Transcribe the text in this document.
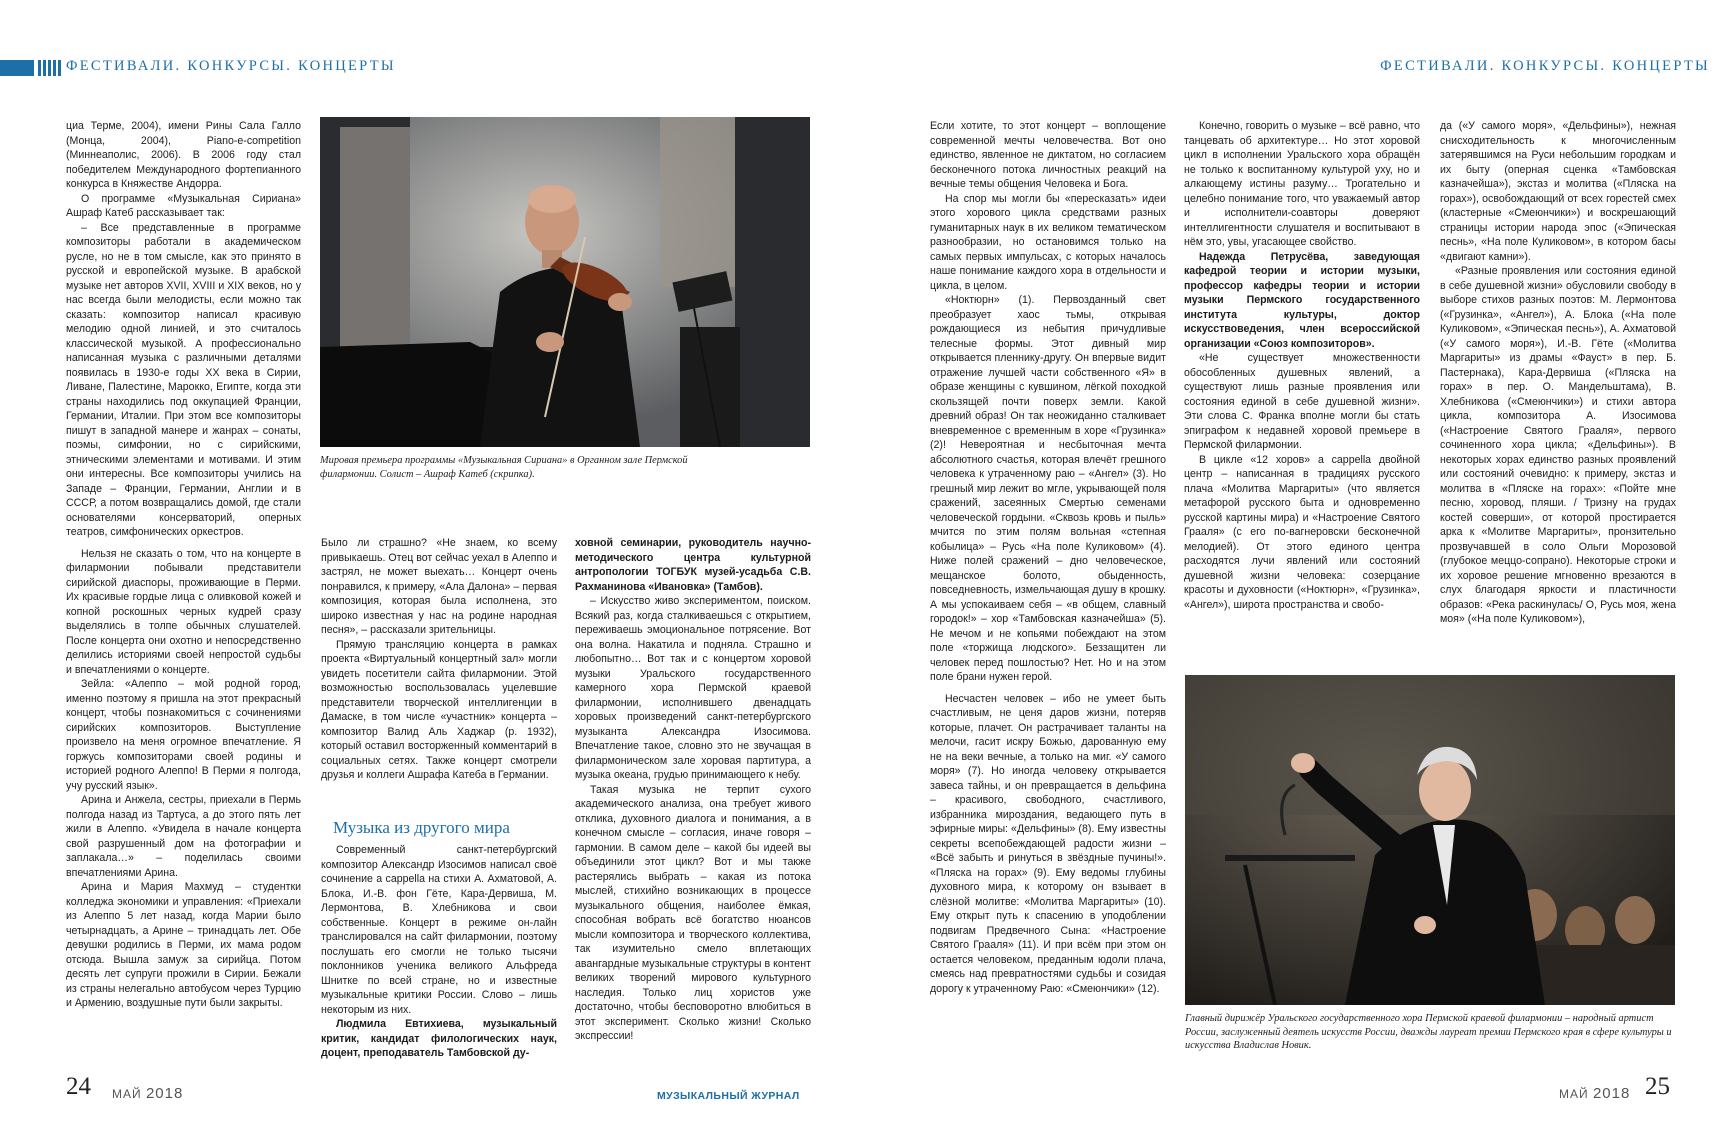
ФЕСТИВАЛИ. КОНКУРСЫ. КОНЦЕРТЫ	ФЕСТИВАЛИ. КОНКУРСЫ. КОНЦЕРТЫ
Мировая премьера программы «Музыкальная Сириана» в Органном зале Пермской филармонии. Солист – Ашраф Катеб (скрипка).

циа Терме, 2004), имени Рины Сала Галло (Монца, 2004), Piano-e-competition (Миннеаполис, 2006). В 2006 году стал победителем Международного фортепианного конкурса в Княжестве Андорра.

О программе «Музыкальная Сириана» Ашраф Катеб рассказывает так:

– Все представленные в программе композиторы работали в академическом русле, но не в том смысле, как это принято в русской и европейской музыке. В арабской музыке нет авторов XVII, XVIII и XIX веков, но у нас всегда были мелодисты, если можно так сказать: композитор написал красивую мелодию одной линией, и это считалось классической музыкой. А профессионально написанная музыка с различными деталями появилась в 1930-е годы XX века в Сирии, Ливане, Палестине, Марокко, Египте, когда эти страны находились под оккупацией Франции, Германии, Италии. При этом все композиторы пишут в западной манере и жанрах – сонаты, поэмы, симфонии, но с сирийскими, этническими элементами и мотивами. И этим они интересны. Все композиторы учились на Западе – Франции, Германии, Англии и в СССР, а потом возвращались домой, где стали основателями консерваторий, оперных театров, симфонических оркестров.

Нельзя не сказать о том, что на концерте в филармонии побывали представители сирийской диаспоры, проживающие в Перми. Их красивые гордые лица с оливковой кожей и копной роскошных черных кудрей сразу выделялись в толпе обычных слушателей. После концерта они охотно и непосредственно делились историями своей непростой судьбы и впечатлениями о концерте.

Зейла: «Алеппо – мой родной город, именно поэтому я пришла на этот прекрасный концерт, чтобы познакомиться с сочинениями сирийских композиторов. Выступление произвело на меня огромное впечатление. Я горжусь композиторами своей родины и историей родного Алеппо! В Перми я полгода, учу русский язык».

Арина и Анжела, сестры, приехали в Пермь полгода назад из Тартуса, а до этого пять лет жили в Алеппо. «Увидела в начале концерта свой разрушенный дом на фотографии и заплакала…» – поделилась своими впечатлениями Арина.

Арина и Мария Махмуд – студентки колледжа экономики и управления: «Приехали из Алеппо 5 лет назад, когда Марии было четырнадцать, а Арине – тринадцать лет. Обе девушки родились в Перми, их мама родом отсюда. Вышла замуж за сирийца. Потом десять лет супруги прожили в Сирии. Бежали из страны нелегально автобусом через Турцию и Армению, воздушные пути были закрыты.

Было ли страшно? «Не знаем, ко всему привыкаешь. Отец вот сейчас уехал в Алеппо и застрял, не может выехать… Концерт очень понравился, к примеру, «Ала Далона» – первая композиция, которая была исполнена, это широко известная у нас на родине народная песня», – рассказали зрительницы.

Прямую трансляцию концерта в рамках проекта «Виртуальный концертный зал» могли увидеть посетители сайта филармонии. Этой возможностью воспользовалась уцелевшие представители творческой интеллигенции в Дамаске, в том числе «участник» концерта – композитор Валид Аль Хаджар (р. 1932), который оставил восторженный комментарий в социальных сетях. Также концерт смотрели друзья и коллеги Ашрафа Катеба в Германии.

Музыка из другого мира

Современный санкт-петербургский композитор Александр Изосимов написал своё сочинение a cappella на стихи А. Ахматовой, А. Блока, И.-В. фон Гёте, Кара-Дервиша, М. Лермонтова, В. Хлебникова и свои собственные. Концерт в режиме он-лайн транслировался на сайт филармонии, поэтому послушать его смогли не только тысячи поклонников ученика великого Альфреда Шнитке по всей стране, но и известные музыкальные критики России. Слово – лишь некоторым из них.

Людмила Евтихиева, музыкальный критик, кандидат филологических наук, доцент, преподаватель Тамбовской ду-

ховной семинарии, руководитель научно-методического центра культурной антропологии ТОГБУК музей-усадьба С.В. Рахманинова «Ивановка» (Тамбов).

– Искусство живо экспериментом, поиском. Всякий раз, когда сталкиваешься с открытием, переживаешь эмоциональное потрясение. Вот она волна. Накатила и подняла. Страшно и любопытно… Вот так и с концертом хоровой музыки Уральского государственного камерного хора Пермской краевой филармонии, исполнившего двенадцать хоровых произведений санкт-петербургского музыканта Александра Изосимова. Впечатление такое, словно это не звучащая в филармоническом зале хоровая партитура, а музыка океана, грудью принимающего к небу.

Такая музыка не терпит сухого академического анализа, она требует живого отклика, духовного диалога и понимания, а в конечном смысле – согласия, иначе говоря – гармонии. В самом деле – какой бы идеей вы объединили этот цикл? Вот и мы также растерялись выбрать – какая из потока мыслей, стихийно возникающих в процессе музыкального общения, наиболее ёмкая, способная вобрать всё богатство нюансов мысли композитора и творческого коллектива, так изумительно смело вплетающих авангардные музыкальные структуры в контент великих творений мирового культурного наследия. Только лиц хористов уже достаточно, чтобы бесповоротно влюбиться в этот эксперимент. Сколько жизни! Сколько экспрессии!

Если хотите, то этот концерт – воплощение современной мечты человечества. Вот оно единство, явленное не диктатом, но согласием бесконечного потока личностных реакций на вечные темы общения Человека и Бога.

На спор мы могли бы «пересказать» идеи этого хорового цикла средствами разных гуманитарных наук в их великом тематическом разнообразии, но остановимся только на самых первых импульсах, с которых началось наше понимание каждого хора в отдельности и цикла, в целом.

«Ноктюрн» (1). Первозданный свет преобразует хаос тьмы, открывая рождающиеся из небытия причудливые телесные формы. Этот дивный мир открывается пленнику-другу. Он впервые видит отражение лучшей части собственного «Я» в образе женщины с кувшином, лёгкой походкой скользящей почти поверх земли. Какой древний образ! Он так неожиданно сталкивает вневременное с временным в хоре «Грузинка» (2)! Невероятная и несбыточная мечта абсолютного счастья, которая влечёт грешного человека к утраченному раю – «Ангел» (3). Но грешный мир лежит во мгле, укрывающей поля сражений, засеянных Смертью семенами человеческой гордыни. «Сквозь кровь и пыль» мчится по этим полям вольная «степная кобылица» – Русь «На поле Куликовом» (4). Ниже полей сражений – дно человеческое, мещанское болото, обыденность, повседневность, измельчающая душу в крошку. А мы успокаиваем себя – «в общем, славный городок!» – хор «Тамбовская казначейша» (5). Не мечом и не копьями побеждают на этом поле «торжища людского». Беззащитен ли человек перед пошлостью? Нет. Но и на этом поле брани нужен герой.

Несчастен человек – ибо не умеет быть счастливым, не ценя даров жизни, потеряв которые, плачет. Он растрачивает таланты на мелочи, гасит искру Божью, дарованную ему не на веки вечные, а только на миг. «У самого моря» (7). Но иногда человеку открывается завеса тайны, и он превращается в дельфина – красивого, свободного, счастливого, избранника мироздания, ведающего путь в эфирные миры: «Дельфины» (8). Ему известны секреты всепобеждающей радости жизни – «Всё забыть и ринуться в звёздные пучины!». «Пляска на горах» (9). Ему ведомы глубины духовного мира, к которому он взывает в слёзной молитве: «Молитва Маргариты» (10). Ему открыт путь к спасению в уподоблении подвигам Предвечного Сына: «Настроение Святого Грааля» (11). И при всём при этом он остается человеком, преданным юдоли плача, смеясь над превратностями судьбы и созидая дорогу к утраченному Раю: «Смеюнчики» (12).

Конечно, говорить о музыке – всё равно, что танцевать об архитектуре… Но этот хоровой цикл в исполнении Уральского хора обращён не только к воспитанному культурой уху, но и алкающему истины разуму… Трогательно и целебно понимание того, что уважаемый автор и исполнители-соавторы доверяют интеллигентности слушателя и воспитывают в нём это, увы, угасающее свойство.

Надежда Петрусёва, заведующая кафедрой теории и истории музыки, профессор кафедры теории и истории музыки Пермского государственного института культуры, доктор искусствоведения, член всероссийской организации «Союз композиторов».

«Не существует множественности обособленных душевных явлений, а существуют лишь разные проявления или состояния единой в себе душевной жизни». Эти слова С. Франка вполне могли бы стать эпиграфом к недавней хоровой премьере в Пермской филармонии.

В цикле «12 хоров» a cappella двойной центр – написанная в традициях русского плача «Молитва Маргариты» (что является метафорой русского быта и одновременно русской картины мира) и «Настроение Святого Грааля» (с его по-вагнеровски бесконечной мелодией). От этого единого центра расходятся лучи явлений или состояний душевной жизни человека: созерцание красоты и духовности («Ноктюрн», «Грузинка», «Ангел»), широта пространства и свобо-

да («У самого моря», «Дельфины»), нежная снисходительность к многочисленным затерявшимся на Руси небольшим городкам и их быту (оперная сценка «Тамбовская казначейша»), экстаз и молитва («Пляска на горах»), освобождающий от всех горестей смех (кластерные «Смеюнчики») и воскрешающий страницы истории народа эпос («Эпическая песнь», «На поле Куликовом», в котором басы «двигают камни»).

«Разные проявления или состояния единой в себе душевной жизни» обусловили свободу в выборе стихов разных поэтов: М. Лермонтова («Грузинка», «Ангел»), А. Блока («На поле Куликовом», «Эпическая песнь»), А. Ахматовой («У самого моря»), И.-В. Гёте («Молитва Маргариты» из драмы «Фауст» в пер. Б. Пастернака), Кара-Дервиша («Пляска на горах» в пер. О. Мандельштама), В. Хлебникова («Смеюнчики») и стихи автора цикла, композитора А. Изосимова («Настроение Святого Грааля», первого сочиненного хора цикла; «Дельфины»). В некоторых хорах единство разных проявлений или состояний очевидно: к примеру, экстаз и молитва в «Пляске на горах»: «Пойте мне песню, хоровод, пляши. / Тризну на грудах костей соверши», от которой простирается арка к «Молитве Маргариты», пронзительно прозвучавшей в соло Ольги Морозовой (глубокое меццо-сопрано). Некоторые строки и их хоровое решение мгновенно врезаются в слух благодаря яркости и пластичности образов: «Река раскинулась/ О, Русь моя, жена моя» («На поле Куликовом»),

Главный дирижёр Уральского государственного хора Пермской краевой филармонии – народный артист России, заслуженный деятель искусств России, дважды лауреат премии Пермского края в сфере культуры и искусства Владислав Новик.
24 МАЙ 2018	МУЗЫКАЛЬНЫЙ ЖУРНАЛ	МАЙ 2018 25
